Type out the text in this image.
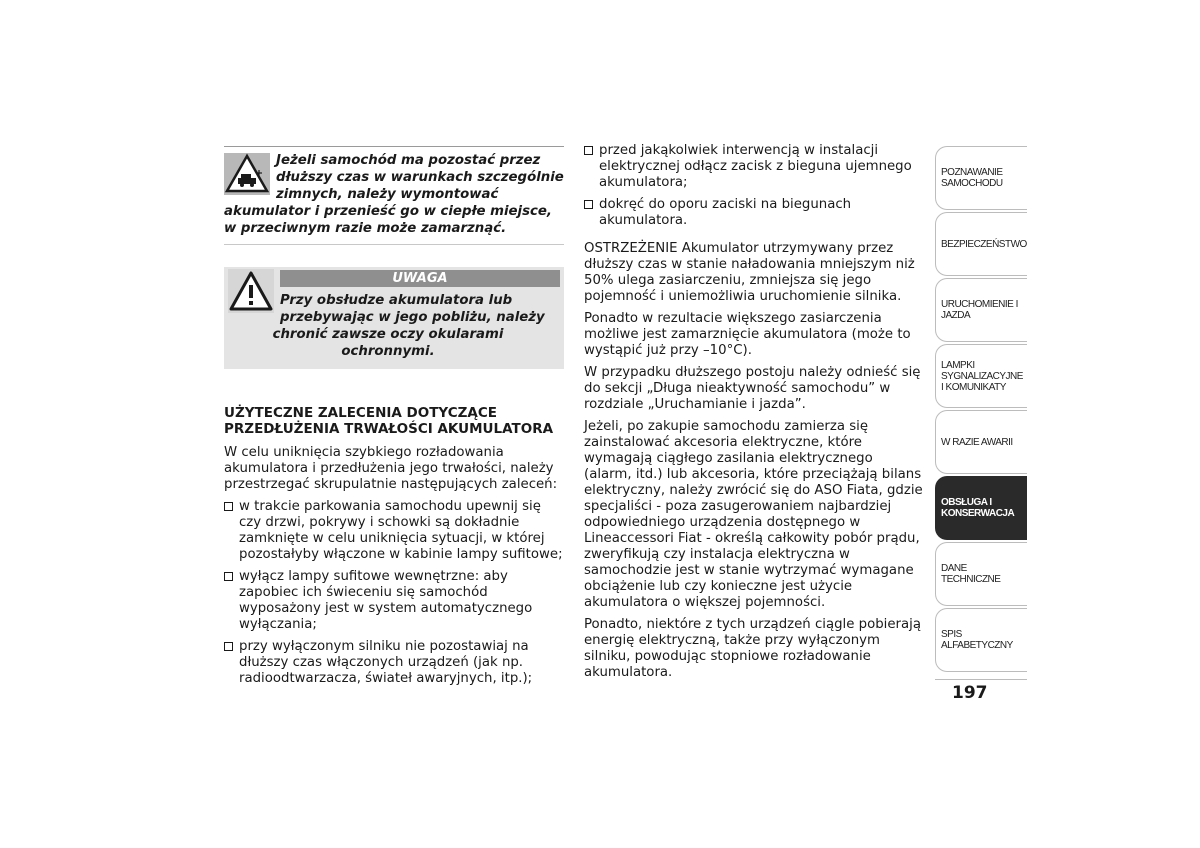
Jeżeli samochód ma pozostać przez dłuższy czas w warunkach szczególnie zimnych, należy wymontować akumulator i przenieść go w ciepłe miejsce, w przeciwnym razie może zamarznąć.
UWAGA
Przy obsłudze akumulatora lub przebywając w jego pobliżu, należy
chronić zawsze oczy okularami ochronnymi.
UŻYTECZNE ZALECENIA DOTYCZĄCE PRZEDŁUŻENIA TRWAŁOŚCI AKUMULATORA

W celu uniknięcia szybkiego rozładowania akumulatora i przedłużenia jego trwałości, należy przestrzegać skrupulatnie następujących zaleceń:

w trakcie parkowania samochodu upewnij się czy drzwi, pokrywy i schowki są dokładnie zamknięte w celu uniknięcia sytuacji, w której pozostałyby włączone w kabinie lampy sufitowe;
wyłącz lampy sufitowe wewnętrzne: aby zapobiec ich świeceniu się samochód wyposażony jest w system automatycznego wyłączania;
przy wyłączonym silniku nie pozostawiaj na dłuższy czas włączonych urządzeń (jak np. radioodtwarzacza, świateł awaryjnych, itp.);
przed jakąkolwiek interwencją w instalacji elektrycznej odłącz zacisk z bieguna ujemnego akumulatora;
dokręć do oporu zaciski na biegunach akumulatora.

OSTRZEŻENIE Akumulator utrzymywany przez dłuższy czas w stanie naładowania mniejszym niż 50% ulega zasiarczeniu, zmniejsza się jego pojemność i uniemożliwia uruchomienie silnika.

Ponadto w rezultacie większego zasiarczenia możliwe jest zamarznięcie akumulatora (może to wystąpić już przy –10°C).

W przypadku dłuższego postoju należy odnieść się do sekcji „Długa nieaktywność samochodu” w rozdziale „Uruchamianie i jazda”.

Jeżeli, po zakupie samochodu zamierza się zainstalować akcesoria elektryczne, które wymagają ciągłego zasilania elektrycznego (alarm, itd.) lub akcesoria, które przeciążają bilans elektryczny, należy zwrócić się do ASO Fiata, gdzie specjaliści - poza zasugerowaniem najbardziej odpowiedniego urządzenia dostępnego w Lineaccessori Fiat - określą całkowity pobór prądu, zweryfikują czy instalacja elektryczna w samochodzie jest w stanie wytrzymać wymagane obciążenie lub czy konieczne jest użycie akumulatora o większej pojemności.

Ponadto, niektóre z tych urządzeń ciągle pobierają energię elektryczną, także przy wyłączonym silniku, powodując stopniowe rozładowanie akumulatora.

POZNAWANIE SAMOCHODU
BEZPIECZEŃSTWO
URUCHOMIENIE I JAZDA
LAMPKI SYGNALIZACYJNE I KOMUNIKATY
W RAZIE AWARII
OBSŁUGA I KONSERWACJA
DANE TECHNICZNE
SPIS ALFABETYCZNY
197
